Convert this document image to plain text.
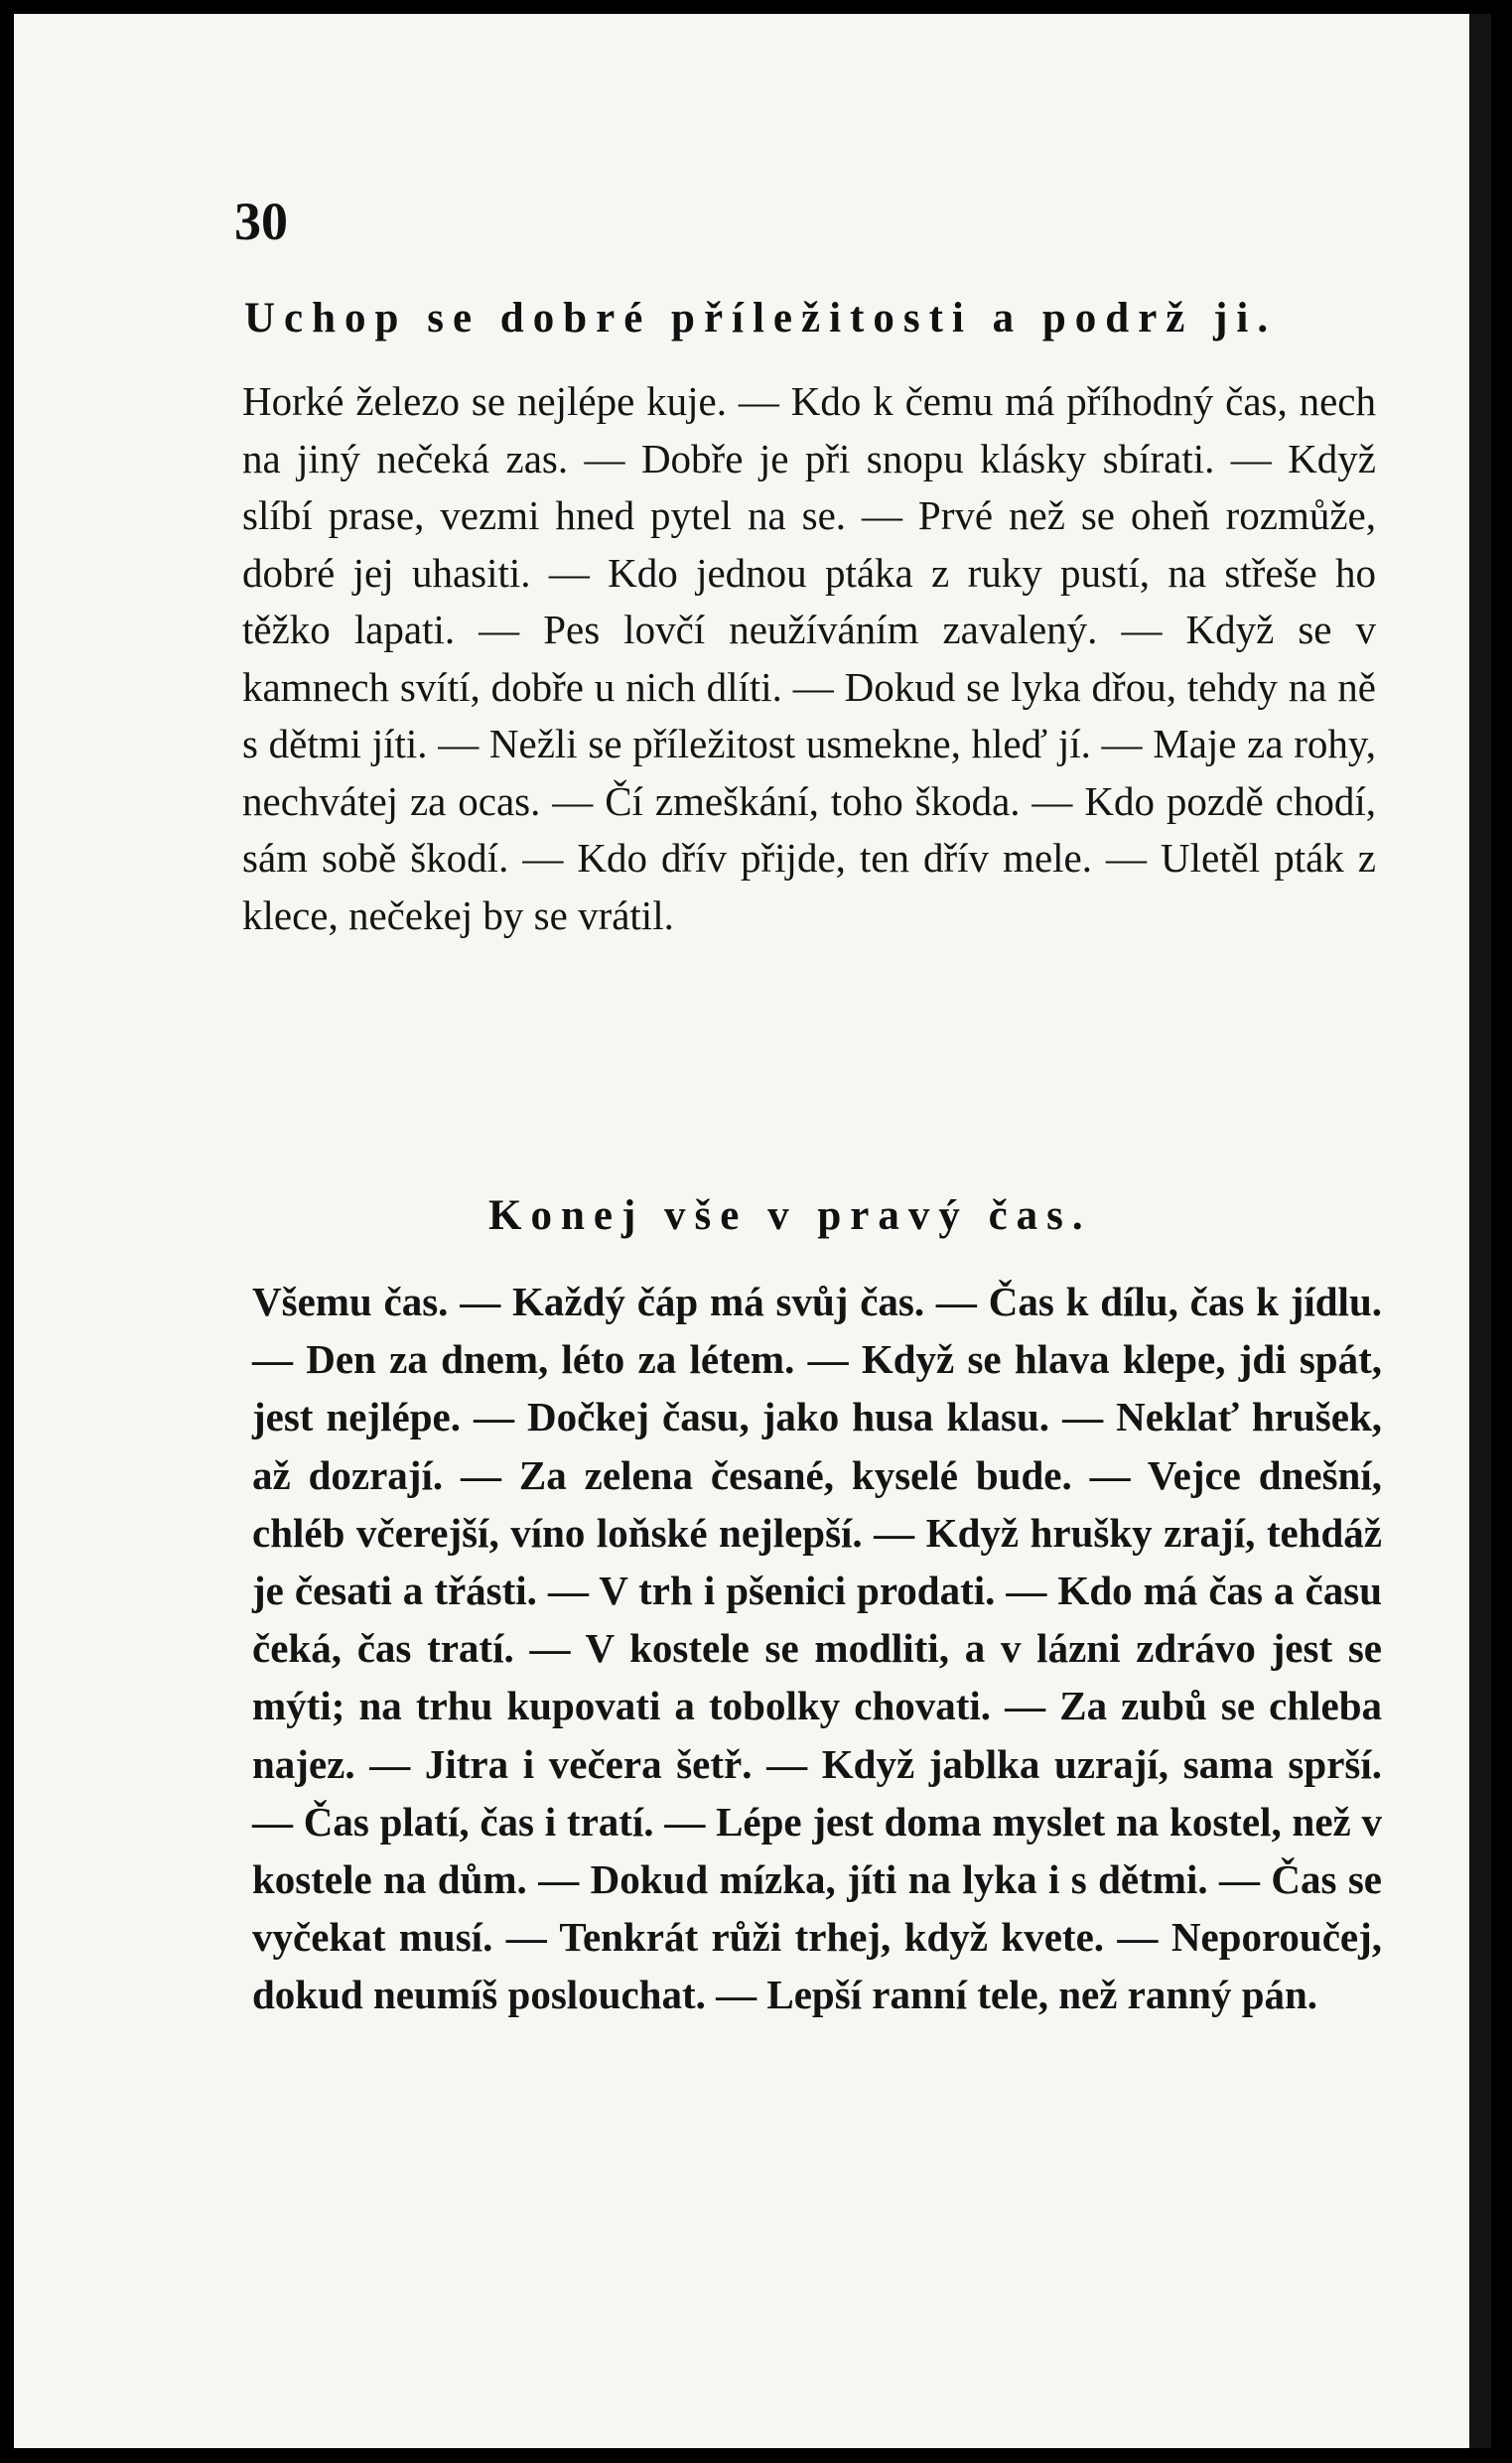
30

Uchop se dobré příležitosti a podrž ji.

Horké železo se nejlépe kuje. — Kdo k čemu má příhodný čas, nech na jiný nečeká zas. — Dobře je při snopu klásky sbírati. — Když slíbí prase, vezmi hned pytel na se. — Prvé než se oheň rozmůže, dobré jej uhasiti. — Kdo jednou ptáka z ruky pustí, na střeše ho těžko lapati. — Pes lovčí neužíváním zavalený. — Když se v kamnech svítí, dobře u nich dlíti. — Dokud se lyka dřou, tehdy na ně s dětmi jíti. — Nežli se příležitost usmekne, hleď jí. — Maje za rohy, nechvátej za ocas. — Čí zmeškání, toho škoda. — Kdo pozdě chodí, sám sobě škodí. — Kdo dřív přijde, ten dřív mele. — Uletěl pták z klece, nečekej by se vrátil.

Konej vše v pravý čas.

Všemu čas. — Každý čáp má svůj čas. — Čas k dílu, čas k jídlu. — Den za dnem, léto za létem. — Když se hlava klepe, jdi spát, jest nejlépe. — Dočkej času, jako husa klasu. — Neklať hrušek, až dozrají. — Za zelena česané, kyselé bude. — Vejce dnešní, chléb včerejší, víno loňské nejlepší. — Když hrušky zrají, tehdáž je česati a třásti. — V trh i pšenici prodati. — Kdo má čas a času čeká, čas tratí. — V kostele se modliti, a v lázni zdrávo jest se mýti; na trhu kupovati a tobolky chovati. — Za zubů se chleba najez. — Jitra i večera šetř. — Když jablka uzrají, sama sprší. — Čas platí, čas i tratí. — Lépe jest doma myslet na kostel, než v kostele na dům. — Dokud mízka, jíti na lyka i s dětmi. — Čas se vyčekat musí. — Tenkrát růži trhej, když kvete. — Neporoučej, dokud neumíš poslouchat. — Lepší ranní tele, než ranný pán.
